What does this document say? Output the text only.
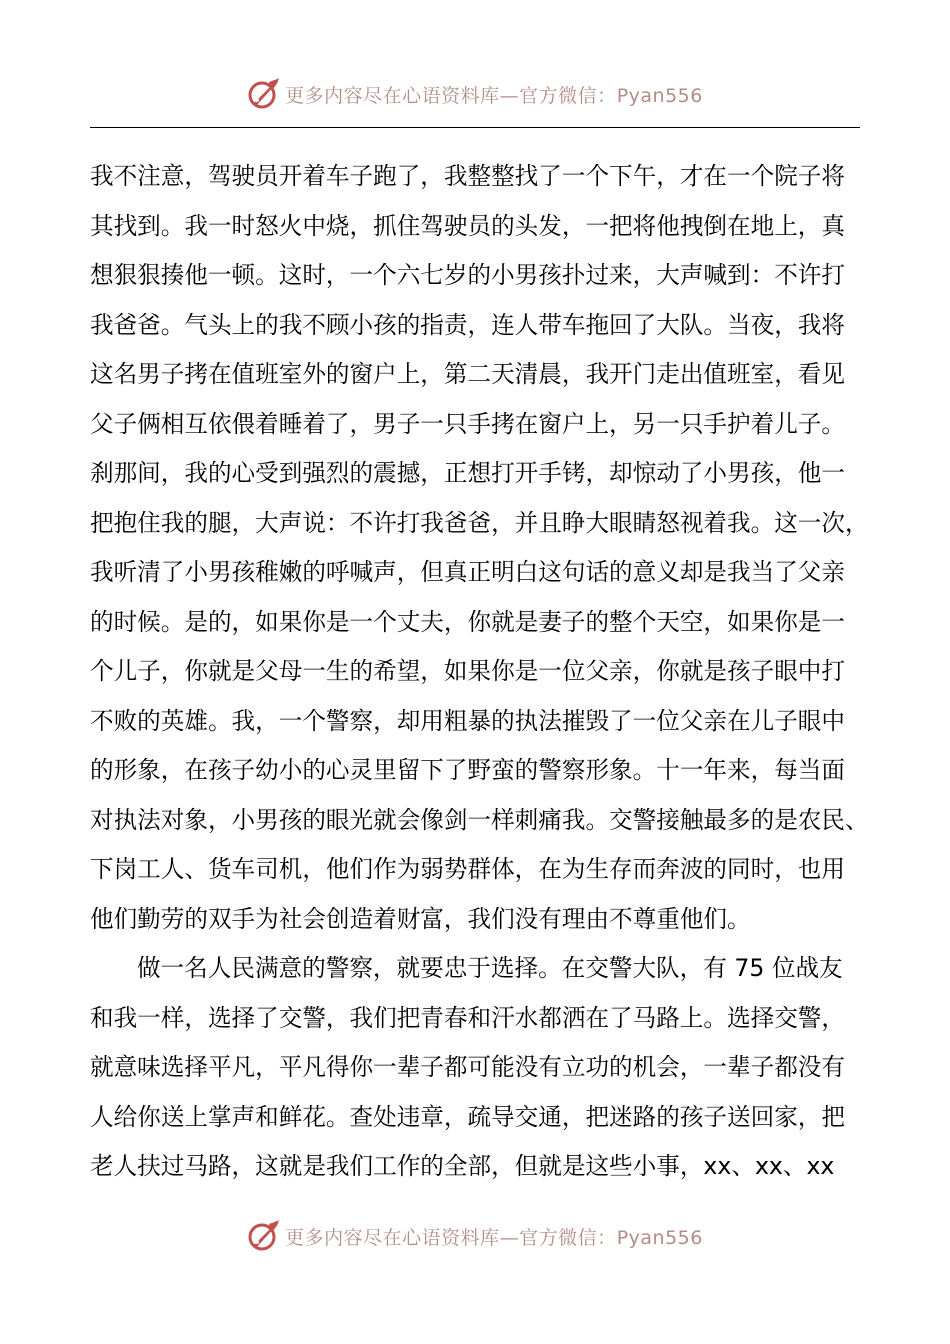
更多内容尽在心语资料库—官方微信：Pyan556
我不注意，驾驶员开着车子跑了，我整整找了一个下午，才在一个院子将
其找到。我一时怒火中烧，抓住驾驶员的头发，一把将他拽倒在地上，真
想狠狠揍他一顿。这时，一个六七岁的小男孩扑过来，大声喊到：不许打
我爸爸。气头上的我不顾小孩的指责，连人带车拖回了大队。当夜，我将
这名男子拷在值班室外的窗户上，第二天清晨，我开门走出值班室，看见
父子俩相互依偎着睡着了，男子一只手拷在窗户上，另一只手护着儿子。
刹那间，我的心受到强烈的震撼，正想打开手铐，却惊动了小男孩，他一
把抱住我的腿，大声说：不许打我爸爸，并且睁大眼睛怒视着我。这一次，
我听清了小男孩稚嫩的呼喊声，但真正明白这句话的意义却是我当了父亲
的时候。是的，如果你是一个丈夫，你就是妻子的整个天空，如果你是一
个儿子，你就是父母一生的希望，如果你是一位父亲，你就是孩子眼中打
不败的英雄。我，一个警察，却用粗暴的执法摧毁了一位父亲在儿子眼中
的形象，在孩子幼小的心灵里留下了野蛮的警察形象。十一年来，每当面
对执法对象，小男孩的眼光就会像剑一样刺痛我。交警接触最多的是农民、
下岗工人、货车司机，他们作为弱势群体，在为生存而奔波的同时，也用
他们勤劳的双手为社会创造着财富，我们没有理由不尊重他们。
做一名人民满意的警察，就要忠于选择。在交警大队，有 75 位战友
和我一样，选择了交警，我们把青春和汗水都洒在了马路上。选择交警，
就意味选择平凡，平凡得你一辈子都可能没有立功的机会，一辈子都没有
人给你送上掌声和鲜花。查处违章，疏导交通，把迷路的孩子送回家，把
老人扶过马路，这就是我们工作的全部，但就是这些小事，xx、xx、xx
更多内容尽在心语资料库—官方微信：Pyan556
